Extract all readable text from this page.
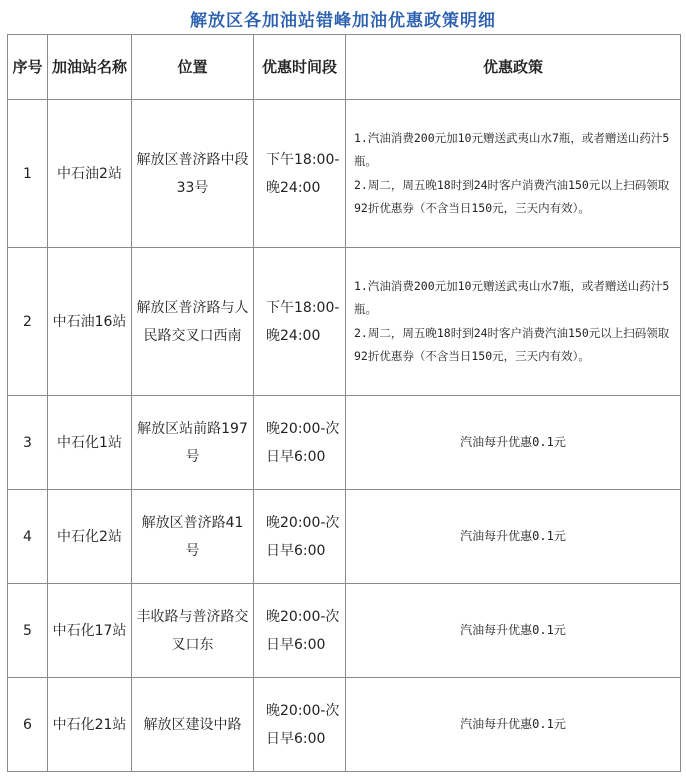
解放区各加油站错峰加油优惠政策明细
序号	加油站名称	位置	优惠时间段	优惠政策
1	中石油2站	解放区普济路中段33号	下午18:00-晚24:00	1.汽油消费200元加10元赠送武夷山水7瓶，或者赠送山药汁5瓶。
2.周二，周五晚18时到24时客户消费汽油150元以上扫码领取92折优惠券（不含当日150元，三天内有效）。

2	中石油16站	解放区普济路与人民路交叉口西南	下午18:00-晚24:00	1.汽油消费200元加10元赠送武夷山水7瓶，或者赠送山药汁5瓶。
2.周二，周五晚18时到24时客户消费汽油150元以上扫码领取92折优惠券（不含当日150元，三天内有效）。

3	中石化1站	解放区站前路197号	晚20:00-次日早6:00	汽油每升优惠0.1元

4	中石化2站	解放区普济路41号	晚20:00-次日早6:00	汽油每升优惠0.1元

5	中石化17站	丰收路与普济路交叉口东	晚20:00-次日早6:00	汽油每升优惠0.1元

6	中石化21站	解放区建设中路	晚20:00-次日早6:00	汽油每升优惠0.1元
